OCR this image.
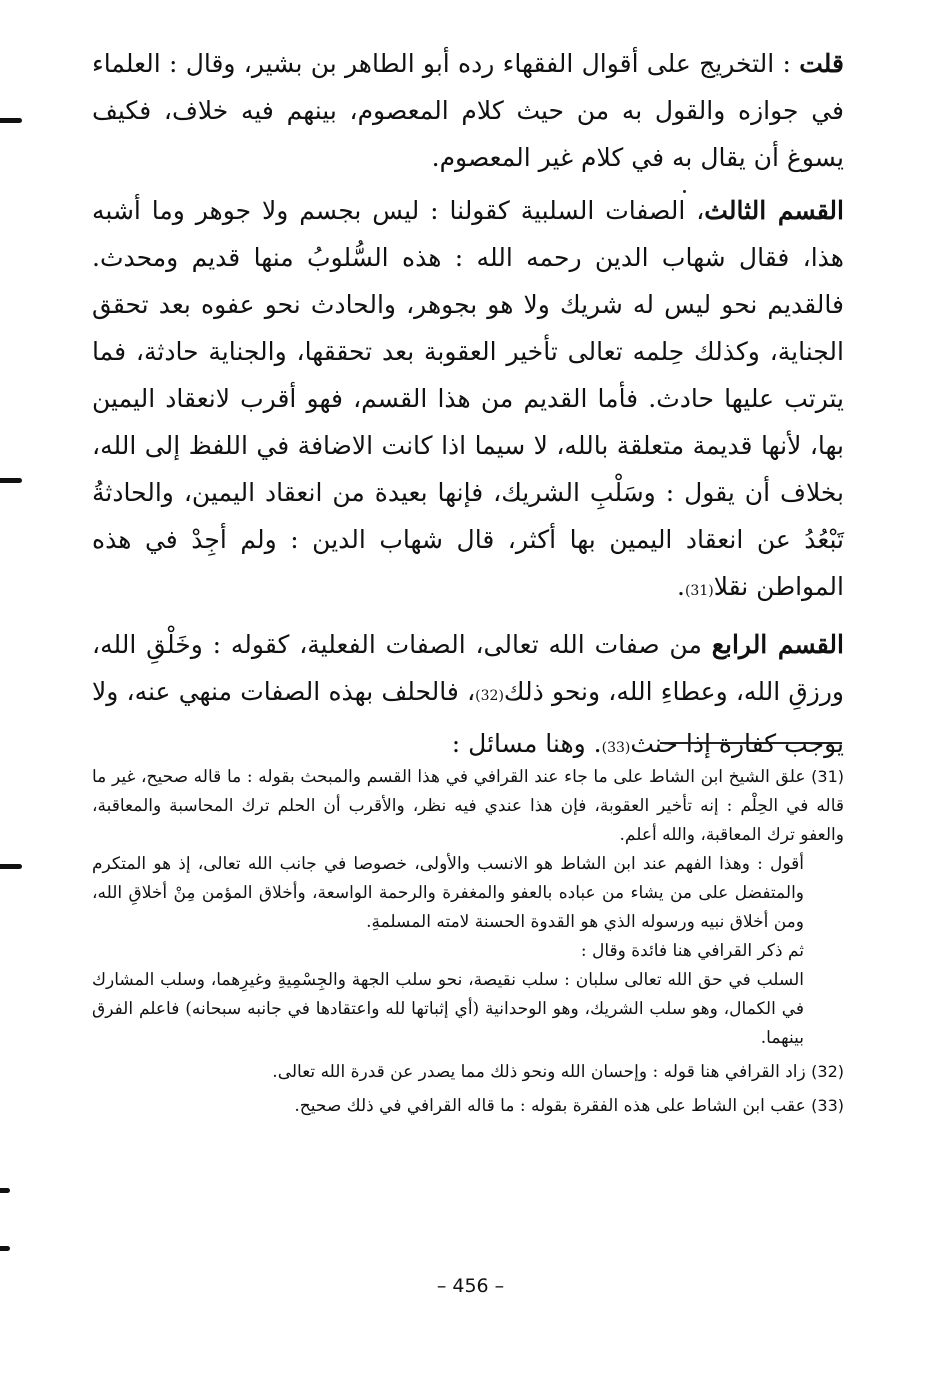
قلت : التخريج على أقوال الفقهاء رده أبو الطاهر بن بشير، وقال : العلماء في جوازه والقول به من حيث كلام المعصوم، بينهم فيه خلاف، فكيف يسوغ أن يقال به في كلام غير المعصوم.

القسم الثالث، الصفات السلبية كقولنا : ليس بجسم ولا جوهر وما أشبه هذا، فقال شهاب الدين رحمه الله : هذه السُّلوبُ منها قديم ومحدث. فالقديم نحو ليس له شريك ولا هو بجوهر، والحادث نحو عفوه بعد تحقق الجناية، وكذلك حِلمه تعالى تأخير العقوبة بعد تحققها، والجناية حادثة، فما يترتب عليها حادث. فأما القديم من هذا القسم، فهو أقرب لانعقاد اليمين بها، لأنها قديمة متعلقة بالله، لا سيما اذا كانت الاضافة في اللفظ إلى الله، بخلاف أن يقول : وسَلْبِ الشريك، فإنها بعيدة من انعقاد اليمين، والحادثةُ تَبْعُدُ عن انعقاد اليمين بها أكثر، قال شهاب الدين : ولم أجِدْ في هذه المواطن نقلا(31).

القسم الرابع من صفات الله تعالى، الصفات الفعلية، كقوله : وخَلْقِ الله، ورزقِ الله، وعطاءِ الله، ونحو ذلك(32)، فالحلف بهذه الصفات منهي عنه، ولا يوجب كفارة إذا حنث(33). وهنا مسائل :

(31) علق الشيخ ابن الشاط على ما جاء عند القرافي في هذا القسم والمبحث بقوله : ما قاله صحيح، غير ما قاله في الحِلْم : إنه تأخير العقوبة، فإن هذا عندي فيه نظر، والأقرب أن الحلم ترك المحاسبة والمعاقبة، والعفو ترك المعاقبة، والله أعلم.

أقول : وهذا الفهم عند ابن الشاط هو الانسب والأولى، خصوصا في جانب الله تعالى، إذ هو المتكرم والمتفضل على من يشاء من عباده بالعفو والمغفرة والرحمة الواسعة، وأخلاق المؤمن مِنْ أخلاقِ الله، ومن أخلاق نبيه ورسوله الذي هو القدوة الحسنة لامته المسلمةِ.

ثم ذكر القرافي هنا فائدة وقال :

السلب في حق الله تعالى سلبان : سلب نقيصة، نحو سلب الجهة والجِسْمِيةِ وغيرِهما، وسلب المشارك في الكمال، وهو سلب الشريك، وهو الوحدانية (أي إثباتها لله واعتقادها في جانبه سبحانه) فاعلم الفرق بينهما.

(32) زاد القرافي هنا قوله : وإحسان الله ونحو ذلك مما يصدر عن قدرة الله تعالى.

(33) عقب ابن الشاط على هذه الفقرة بقوله : ما قاله القرافي في ذلك صحيح.

– 456 –
